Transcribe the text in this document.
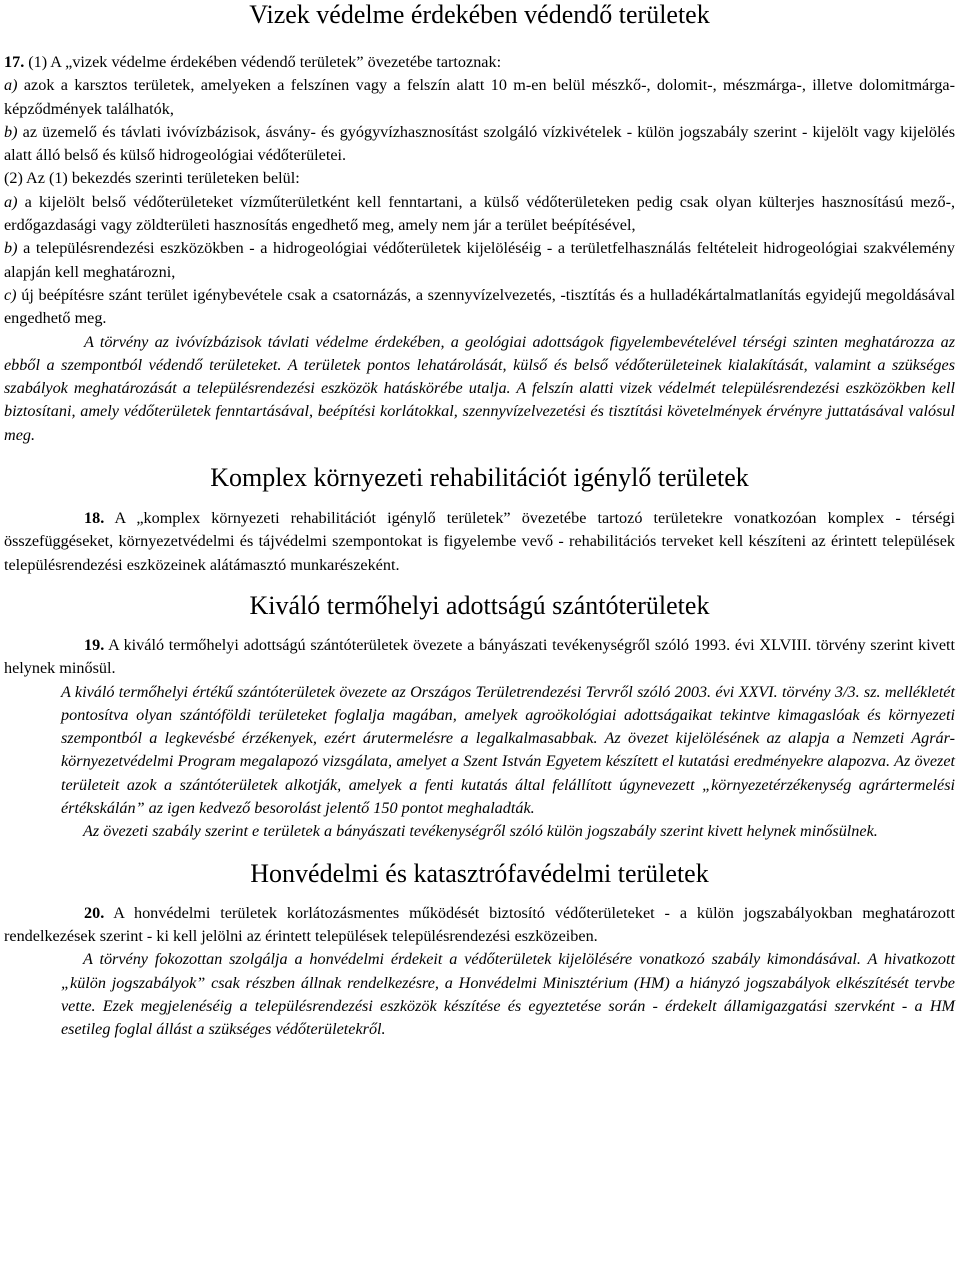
Vizek védelme érdekében védendő területek

17. (1) A „vizek védelme érdekében védendő területek” övezetébe tartoznak:

a) azok a karsztos területek, amelyeken a felszínen vagy a felszín alatt 10 m-en belül mészkő-, dolomit-, mészmárga-, illetve dolomitmárga-képződmények találhatók,

b) az üzemelő és távlati ivóvízbázisok, ásvány- és gyógyvízhasznosítást szolgáló vízkivételek - külön jogszabály szerint - kijelölt vagy kijelölés alatt álló belső és külső hidrogeológiai védőterületei.

(2) Az (1) bekezdés szerinti területeken belül:

a) a kijelölt belső védőterületeket vízműterületként kell fenntartani, a külső védőterületeken pedig csak olyan külterjes hasznosítású mező-, erdőgazdasági vagy zöldterületi hasznosítás engedhető meg, amely nem jár a terület beépítésével,

b) a településrendezési eszközökben - a hidrogeológiai védőterületek kijelöléséig - a területfelhasználás feltételeit hidrogeológiai szakvélemény alapján kell meghatározni,

c) új beépítésre szánt terület igénybevétele csak a csatornázás, a szennyvízelvezetés, -tisztítás és a hulladékártalmatlanítás egyidejű megoldásával engedhető meg.

A törvény az ivóvízbázisok távlati védelme érdekében, a geológiai adottságok figyelembevételével térségi szinten meghatározza az ebből a szempontból védendő területeket. A területek pontos lehatárolását, külső és belső védőterületeinek kialakítását, valamint a szükséges szabályok meghatározását a településrendezési eszközök hatáskörébe utalja. A felszín alatti vizek védelmét településrendezési eszközökben kell biztosítani, amely védőterületek fenntartásával, beépítési korlátokkal, szennyvízelvezetési és tisztítási követelmények érvényre juttatásával valósul meg.

Komplex környezeti rehabilitációt igénylő területek

18. A „komplex környezeti rehabilitációt igénylő területek” övezetébe tartozó területekre vonatkozóan komplex - térségi összefüggéseket, környezetvédelmi és tájvédelmi szempontokat is figyelembe vevő - rehabilitációs terveket kell készíteni az érintett települések településrendezési eszközeinek alátámasztó munkarészeként.

Kiváló termőhelyi adottságú szántóterületek

19. A kiváló termőhelyi adottságú szántóterületek övezete a bányászati tevékenységről szóló 1993. évi XLVIII. törvény szerint kivett helynek minősül.

A kiváló termőhelyi értékű szántóterületek övezete az Országos Területrendezési Tervről szóló 2003. évi XXVI. törvény 3/3. sz. mellékletét pontosítva olyan szántóföldi területeket foglalja magában, amelyek agroökológiai adottságaikat tekintve kimagaslóak és környezeti szempontból a legkevésbé érzékenyek, ezért árutermelésre a legalkalmasabbak. Az övezet kijelölésének az alapja a Nemzeti Agrár-környezetvédelmi Program megalapozó vizsgálata, amelyet a Szent István Egyetem készített el kutatási eredményekre alapozva. Az övezet területeit azok a szántóterületek alkotják, amelyek a fenti kutatás által felállított úgynevezett „környezetérzékenység agrártermelési értékskálán” az igen kedvező besorolást jelentő 150 pontot meghaladták.

Az övezeti szabály szerint e területek a bányászati tevékenységről szóló külön jogszabály szerint kivett helynek minősülnek.

Honvédelmi és katasztrófavédelmi területek

20. A honvédelmi területek korlátozásmentes működését biztosító védőterületeket - a külön jogszabályokban meghatározott rendelkezések szerint - ki kell jelölni az érintett települések településrendezési eszközeiben.

A törvény fokozottan szolgálja a honvédelmi érdekeit a védőterületek kijelölésére vonatkozó szabály kimondásával. A hivatkozott „külön jogszabályok” csak részben állnak rendelkezésre, a Honvédelmi Minisztérium (HM) a hiányzó jogszabályok elkészítését tervbe vette. Ezek megjelenéséig a településrendezési eszközök készítése és egyeztetése során - érdekelt államigazgatási szervként - a HM esetileg foglal állást a szükséges védőterületekről.
